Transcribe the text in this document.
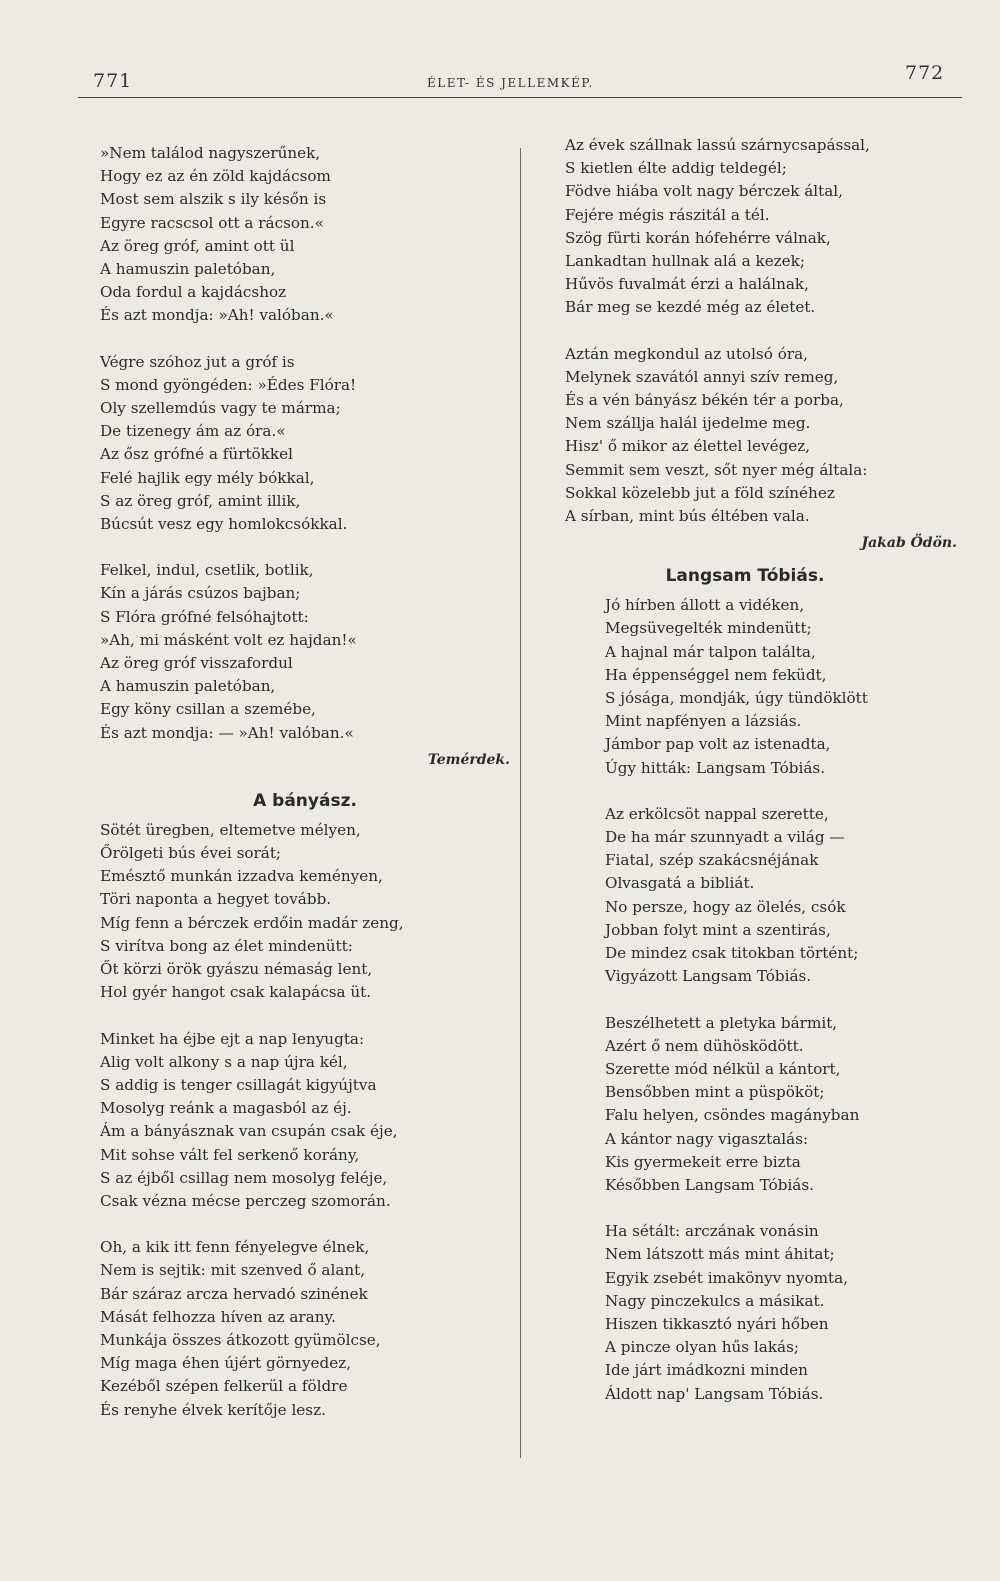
771	ÉLET- ÉS JELLEMKÉP.	772
»Nem találod nagyszerűnek,
Hogy ez az én zöld kajdácsom
Most sem alszik s ily későn is
Egyre racscsol ott a rácson.«
Az öreg gróf, amint ott ül
A hamuszin paletóban,
Oda fordul a kajdácshoz
És azt mondja: »Ah! valóban.«
Végre szóhoz jut a gróf is
S mond gyöngéden: »Édes Flóra!
Oly szellemdús vagy te márma;
De tizenegy ám az óra.«
Az ősz grófné a fürtökkel
Felé hajlik egy mély bókkal,
S az öreg gróf, amint illik,
Búcsút vesz egy homlokcsókkal.
Felkel, indul, csetlik, botlik,
Kín a járás csúzos bajban;
S Flóra grófné felsóhajtott:
»Ah, mi másként volt ez hajdan!«
Az öreg gróf visszafordul
A hamuszin paletóban,
Egy köny csillan a szemébe,
És azt mondja: — »Ah! valóban.«
Temérdek.
A bányász.
Sötét üregben, eltemetve mélyen,
Őrölgeti bús évei sorát;
Emésztő munkán izzadva keményen,
Töri naponta a hegyet tovább.
Míg fenn a bérczek erdőin madár zeng,
S virítva bong az élet mindenütt:
Őt körzi örök gyászu némaság lent,
Hol gyér hangot csak kalapácsa üt.
Minket ha éjbe ejt a nap lenyugta:
Alig volt alkony s a nap újra kél,
S addig is tenger csillagát kigyújtva
Mosolyg reánk a magasból az éj.
Ám a bányásznak van csupán csak éje,
Mit sohse vált fel serkenő korány,
S az éjből csillag nem mosolyg feléje,
Csak vézna mécse perczeg szomorán.
Oh, a kik itt fenn fényelegve élnek,
Nem is sejtik: mit szenved ő alant,
Bár száraz arcza hervadó szinének
Mását felhozza híven az arany.
Munkája összes átkozott gyümölcse,
Míg maga éhen újért görnyedez,
Kezéből szépen felkerül a földre
És renyhe élvek kerítője lesz.
Az évek szállnak lassú szárnycsapással,
S kietlen élte addig teldegél;
Födve hiába volt nagy bérczek által,
Fejére mégis rászitál a tél.
Szög fürti korán hófehérre válnak,
Lankadtan hullnak alá a kezek;
Hűvös fuvalmát érzi a halálnak,
Bár meg se kezdé még az életet.
Aztán megkondul az utolsó óra,
Melynek szavától annyi szív remeg,
És a vén bányász békén tér a porba,
Nem szállja halál ijedelme meg.
Hisz' ő mikor az élettel levégez,
Semmit sem veszt, sőt nyer még általa:
Sokkal közelebb jut a föld színéhez
A sírban, mint bús éltében vala.
Jakab Ödön.
Langsam Tóbiás.
Jó hírben állott a vidéken,
Megsüvegelték mindenütt;
A hajnal már talpon találta,
Ha éppenséggel nem feküdt,
S jósága, mondják, úgy tündöklött
Mint napfényen a lázsiás.
Jámbor pap volt az istenadta,
Úgy hitták: Langsam Tóbiás.
Az erkölcsöt nappal szerette,
De ha már szunnyadt a világ —
Fiatal, szép szakácsnéjának
Olvasgatá a bibliát.
No persze, hogy az ölelés, csók
Jobban folyt mint a szentirás,
De mindez csak titokban történt;
Vigyázott Langsam Tóbiás.
Beszélhetett a pletyka bármit,
Azért ő nem dühösködött.
Szerette mód nélkül a kántort,
Bensőbben mint a püspököt;
Falu helyen, csöndes magányban
A kántor nagy vigasztalás:
Kis gyermekeit erre bizta
Későbben Langsam Tóbiás.
Ha sétált: arczának vonásin
Nem látszott más mint áhitat;
Egyik zsebét imakönyv nyomta,
Nagy pinczekulcs a másikat.
Hiszen tikkasztó nyári hőben
A pincze olyan hűs lakás;
Ide járt imádkozni minden
Áldott nap' Langsam Tóbiás.
